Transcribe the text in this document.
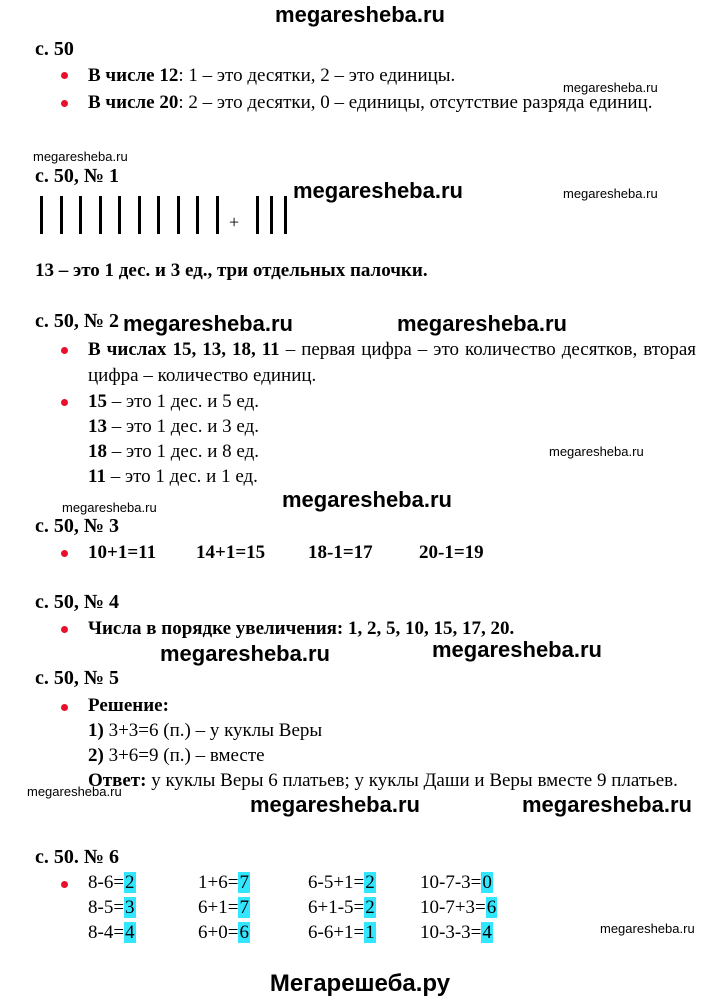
megaresheba.ru
с. 50
В числе 12: 1 – это десятки, 2 – это единицы.
В числе 20: 2 – это десятки, 0 – единицы, отсутствие разряда единиц.
megaresheba.ru
megaresheba.ru
с. 50, № 1
megaresheba.ru	megaresheba.ru
+
13 – это 1 дес. и 3 ед., три отдельных палочки.
с. 50, № 2 megaresheba.ru	megaresheba.ru
В числах 15, 13, 18, 11 – первая цифра – это количество десятков, вторая цифра – количество единиц.
15 – это 1 дес. и 5 ед.
13 – это 1 дес. и 3 ед.
18 – это 1 дес. и 8 ед.
11 – это 1 дес. и 1 ед.
megaresheba.ru
megaresheba.ru	megaresheba.ru
с. 50, № 3
10+1=11 14+1=15 18-1=17 20-1=19
с. 50, № 4
Числа в порядке увеличения: 1, 2, 5, 10, 15, 17, 20.
megaresheba.ru	megaresheba.ru
с. 50, № 5
Решение:
1) 3+3=6 (п.) – у куклы Веры
2) 3+6=9 (п.) – вместе
Ответ: у куклы Веры 6 платьев; у куклы Даши и Веры вместе 9 платьев.
megaresheba.ru
megaresheba.ru	megaresheba.ru
с. 50. № 6
8-6=2	1+6=7	6-5+1=2 10-7-3=0
8-5=3	6+1=7	6+1-5=2 10-7+3=6
8-4=4	6+0=6	6-6+1=1 10-3-3=4	megaresheba.ru
Мегарешеба.ру
